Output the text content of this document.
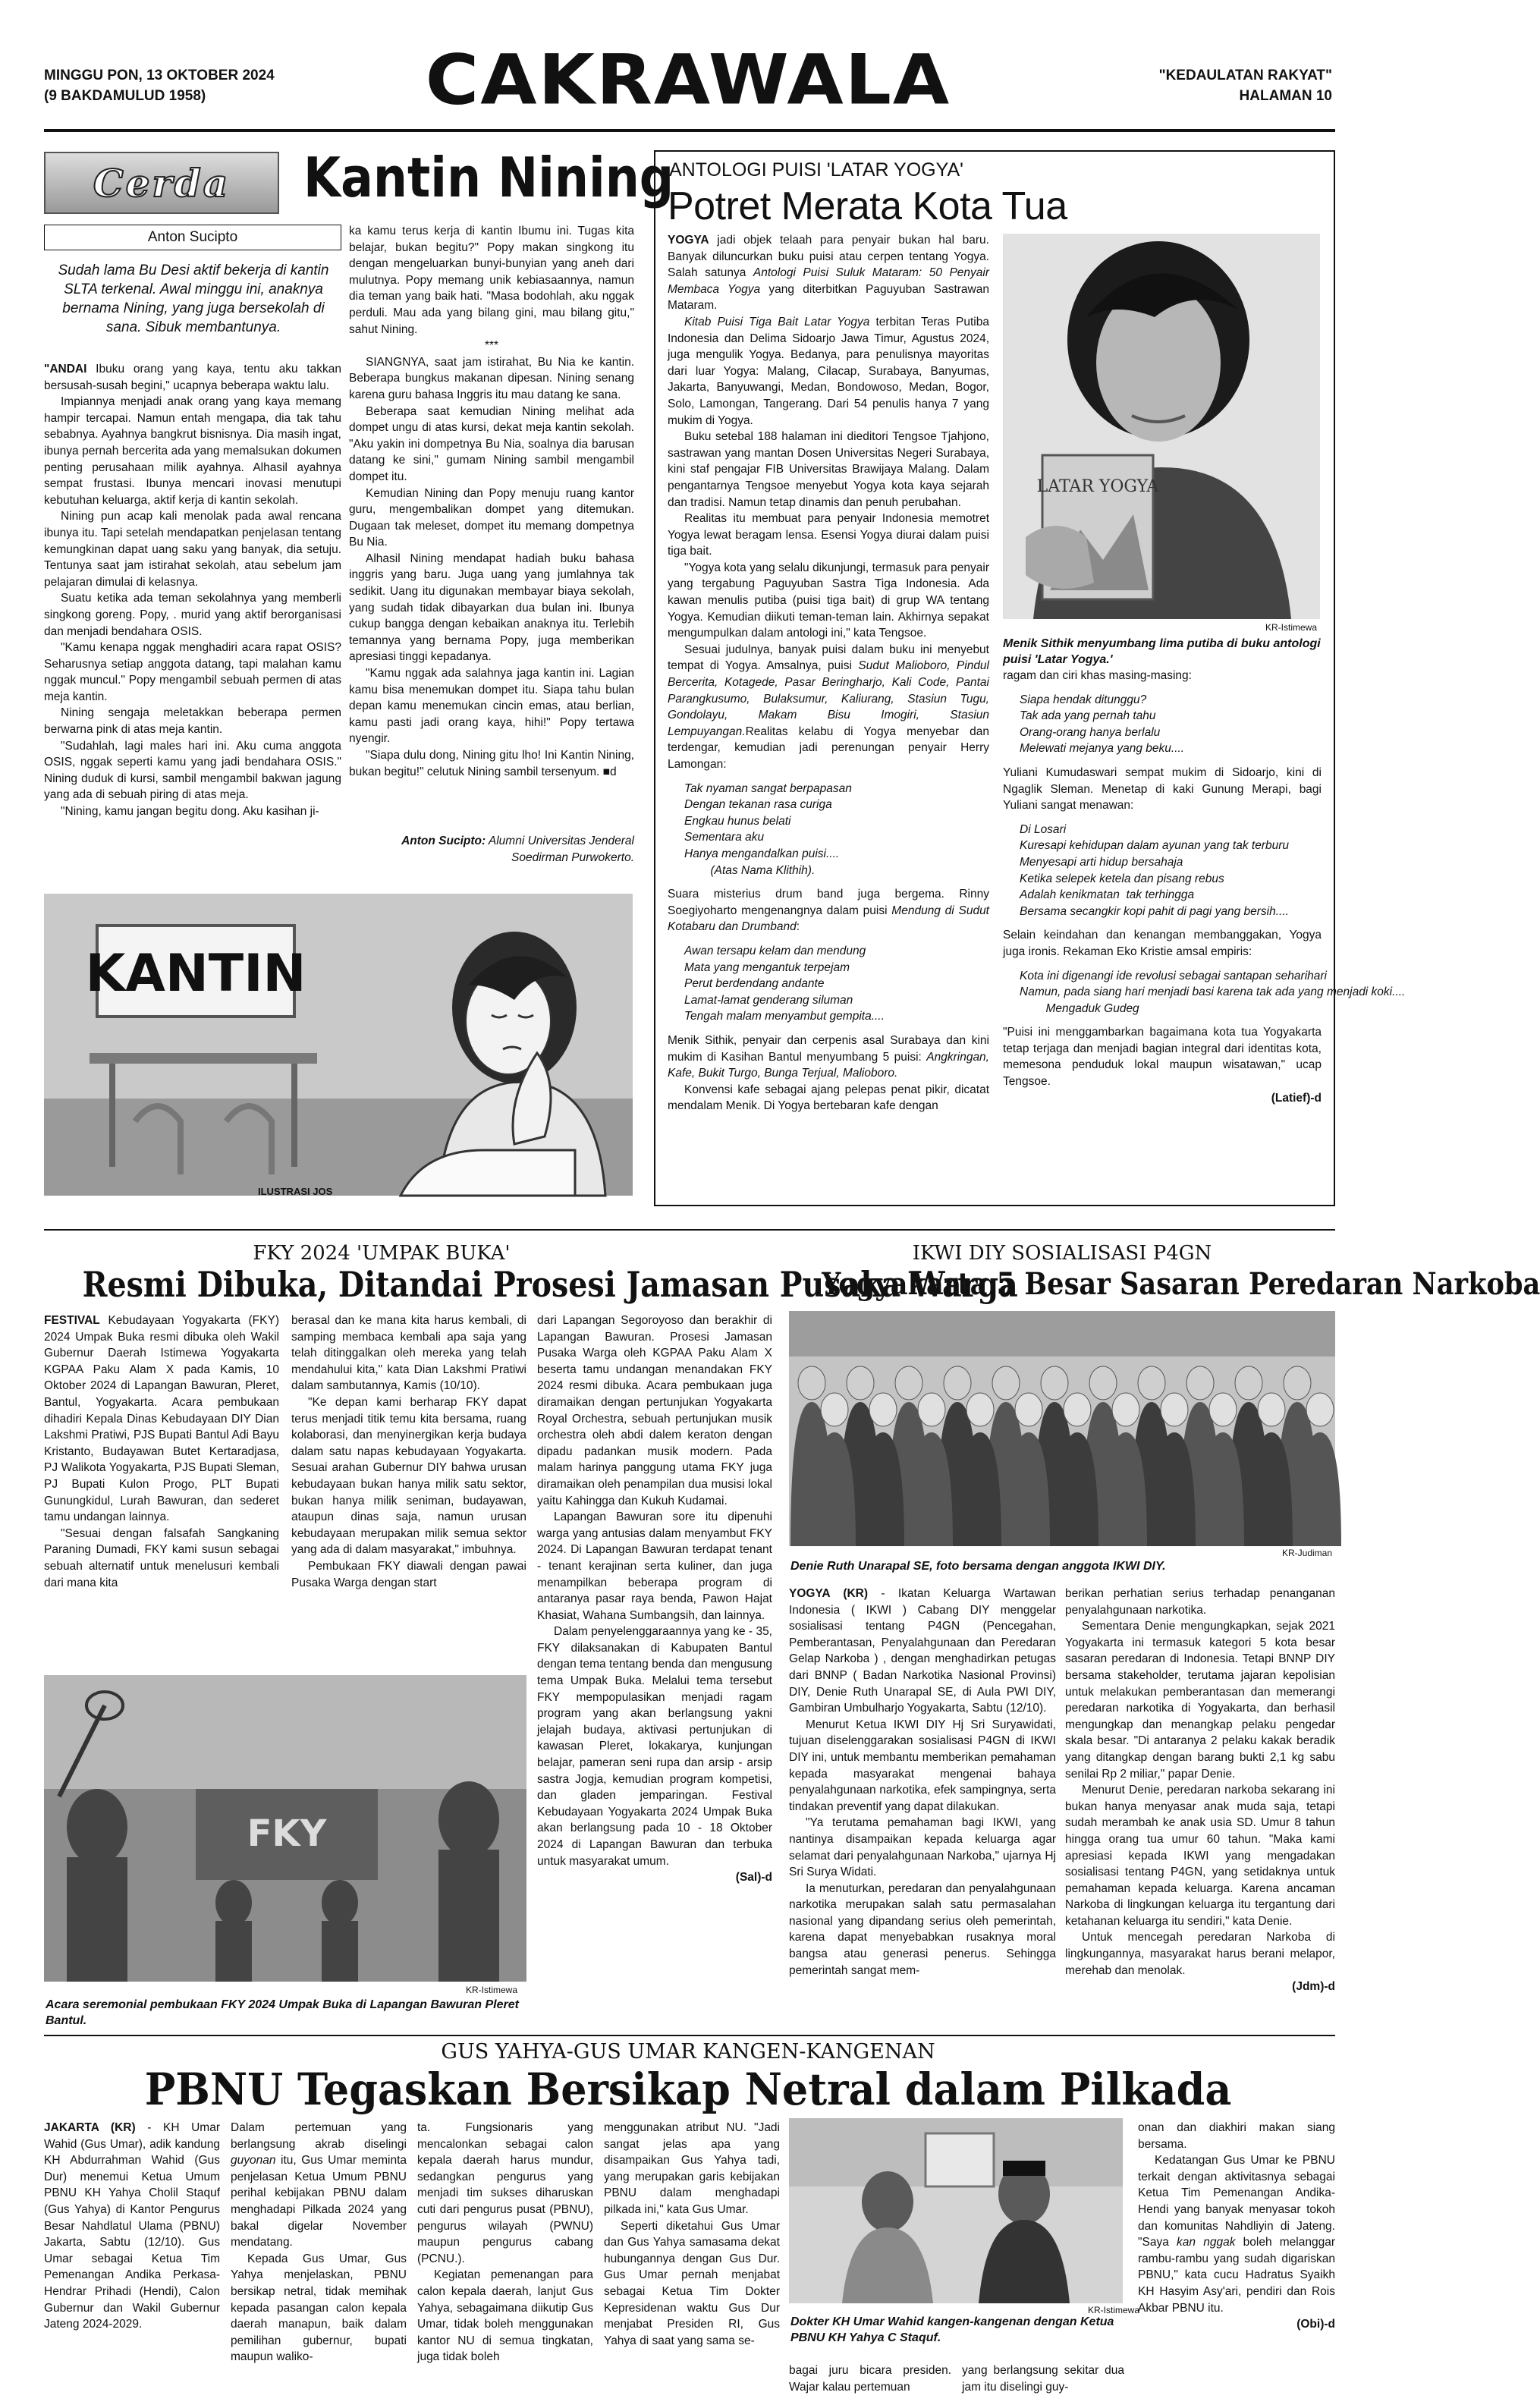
MINGGU PON, 13 OKTOBER 2024
(9 BAKDAMULUD 1958)	CAKRAWALA	"KEDAULATAN RAKYAT"
HALAMAN 10
Cerda Kantin Nining
Anton Sucipto
Sudah lama Bu Desi aktif bekerja di kantin SLTA terkenal. Awal minggu ini, anaknya bernama Nining, yang juga bersekolah di sana. Sibuk membantunya.
"ANDAI Ibuku orang yang kaya, tentu aku takkan bersusah-susah begini," ucapnya beberapa waktu lalu.
Impiannya menjadi anak orang yang kaya memang hampir tercapai. Namun entah mengapa, dia tak tahu sebabnya. Ayahnya bangkrut bisnisnya. Dia masih ingat, ibunya pernah bercerita ada yang memalsukan dokumen penting perusahaan milik ayahnya. Alhasil ayahnya sempat frustasi. Ibunya mencari inovasi menutupi kebutuhan keluarga, aktif kerja di kantin sekolah.
Nining pun acap kali menolak pada awal rencana ibunya itu. Tapi setelah mendapatkan penjelasan tentang kemungkinan dapat uang saku yang banyak, dia setuju. Tentunya saat jam istirahat sekolah, atau sebelum jam pelajaran dimulai di kelasnya.
Suatu ketika ada teman sekolahnya yang memberli singkong goreng. Popy, . murid yang aktif berorganisasi dan menjadi bendahara OSIS.
"Kamu kenapa nggak menghadiri acara rapat OSIS? Seharusnya setiap anggota datang, tapi malahan kamu nggak muncul." Popy mengambil sebuah permen di atas meja kantin.
Nining sengaja meletakkan beberapa permen berwarna pink di atas meja kantin.
"Sudahlah, lagi males hari ini. Aku cuma anggota OSIS, nggak seperti kamu yang jadi bendahara OSIS." Nining duduk di kursi, sambil mengambil bakwan jagung yang ada di sebuah piring di atas meja.
"Nining, kamu jangan begitu dong. Aku kasihan ji-
ka kamu terus kerja di kantin Ibumu ini. Tugas kita belajar, bukan begitu?" Popy makan singkong itu dengan mengeluarkan bunyi-bunyian yang aneh dari mulutnya. Popy memang unik kebiasaannya, namun dia teman yang baik hati. "Masa bodohlah, aku nggak perduli. Mau ada yang bilang gini, mau bilang gitu," sahut Nining.
***
SIANGNYA, saat jam istirahat, Bu Nia ke kantin. Beberapa bungkus makanan dipesan. Nining senang karena guru bahasa Inggris itu mau datang ke sana.
Beberapa saat kemudian Nining melihat ada dompet ungu di atas kursi, dekat meja kantin sekolah. "Aku yakin ini dompetnya Bu Nia, soalnya dia barusan datang ke sini," gumam Nining sambil mengambil dompet itu.
Kemudian Nining dan Popy menuju ruang kantor guru, mengembalikan dompet yang ditemukan. Dugaan tak meleset, dompet itu memang dompetnya Bu Nia.
Alhasil Nining mendapat hadiah buku bahasa inggris yang baru. Juga uang yang jumlahnya tak sedikit. Uang itu digunakan membayar biaya sekolah, yang sudah tidak dibayarkan dua bulan ini. Ibunya cukup bangga dengan kebaikan anaknya itu. Terlebih temannya yang bernama Popy, juga memberikan apresiasi tinggi kepadanya.
"Kamu nggak ada salahnya jaga kantin ini. Lagian kamu bisa menemukan dompet itu. Siapa tahu bulan depan kamu menemukan cincin emas, atau berlian, kamu pasti jadi orang kaya, hihi!" Popy tertawa nyengir.
"Siapa dulu dong, Nining gitu lho! Ini Kantin Nining, bukan begitu!" celutuk Nining sambil tersenyum. ■d
Anton Sucipto: Alumni Universitas Jenderal Soedirman Purwokerto.
KANTIN
ILUSTRASI JOS
ANTOLOGI PUISI 'LATAR YOGYA'
Potret Merata Kota Tua
YOGYA jadi objek telaah para penyair bukan hal baru. Banyak diluncurkan buku puisi atau cerpen tentang Yogya. Salah satunya Antologi Puisi Suluk Mataram: 50 Penyair Membaca Yogya yang diterbitkan Paguyuban Sastrawan Mataram.
Kitab Puisi Tiga Bait Latar Yogya terbitan Teras Putiba Indonesia dan Delima Sidoarjo Jawa Timur, Agustus 2024, juga mengulik Yogya. Bedanya, para penulisnya mayoritas dari luar Yogya: Malang, Cilacap, Surabaya, Banyumas, Jakarta, Banyuwangi, Medan, Bondowoso, Medan, Bogor, Solo, Lamongan, Tangerang. Dari 54 penulis hanya 7 yang mukim di Yogya.
Buku setebal 188 halaman ini dieditori Tengsoe Tjahjono, sastrawan yang mantan Dosen Universitas Negeri Surabaya, kini staf pengajar FIB Universitas Brawijaya Malang. Dalam pengantarnya Tengsoe menyebut Yogya kota kaya sejarah dan tradisi. Namun tetap dinamis dan penuh perubahan.
Realitas itu membuat para penyair Indonesia memotret Yogya lewat beragam lensa. Esensi Yogya diurai dalam puisi tiga bait.
"Yogya kota yang selalu dikunjungi, termasuk para penyair yang tergabung Paguyuban Sastra Tiga Indonesia. Ada kawan menulis putiba (puisi tiga bait) di grup WA tentang Yogya. Kemudian diikuti teman-teman lain. Akhirnya sepakat mengumpulkan dalam antologi ini," kata Tengsoe.
Sesuai judulnya, banyak puisi dalam buku ini menyebut tempat di Yogya. Amsalnya, puisi Sudut Malioboro, Pindul Bercerita, Kotagede, Pasar Beringharjo, Kali Code, Pantai Parangkusumo, Bulaksumur, Kaliurang, Stasiun Tugu, Gondolayu, Makam Bisu Imogiri, Stasiun Lempuyangan.Realitas kelabu di Yogya menyebar dan terdengar, kemudian jadi perenungan penyair Herry Lamongan:
Tak nyaman sangat berpapasan
Dengan tekanan rasa curiga
Engkau hunus belati
Sementara aku
Hanya mengandalkan puisi....
(Atas Nama Klithih).
Suara misterius drum band juga bergema. Rinny Soegiyoharto mengenangnya dalam puisi Mendung di Sudut Kotabaru dan Drumband:
Awan tersapu kelam dan mendung
Mata yang mengantuk terpejam
Perut berdendang andante
Lamat-lamat genderang siluman
Tengah malam menyambut gempita....
Menik Sithik, penyair dan cerpenis asal Surabaya dan kini mukim di Kasihan Bantul menyumbang 5 puisi: Angkringan, Kafe, Bukit Turgo, Bunga Terjual, Malioboro.
Konvensi kafe sebagai ajang pelepas penat pikir, dicatat mendalam Menik. Di Yogya bertebaran kafe dengan
LATAR YOGYA
KR-Istimewa
Menik Sithik menyumbang lima putiba di buku antologi puisi 'Latar Yogya.'
ragam dan ciri khas masing-masing:
Siapa hendak ditunggu?
Tak ada yang pernah tahu
Orang-orang hanya berlalu
Melewati mejanya yang beku....
Yuliani Kumudaswari sempat mukim di Sidoarjo, kini di Ngaglik Sleman. Menetap di kaki Gunung Merapi, bagi Yuliani sangat menawan:
Di Losari
Kuresapi kehidupan dalam ayunan yang tak terburu
Menyesapi arti hidup bersahaja
Ketika selepek ketela dan pisang rebus
Adalah kenikmatan  tak terhingga
Bersama secangkir kopi pahit di pagi yang bersih....
Selain keindahan dan kenangan membanggakan, Yogya juga ironis. Rekaman Eko Kristie amsal empiris:
Kota ini digenangi ide revolusi sebagai santapan seharihari
Namun, pada siang hari menjadi basi karena tak ada yang menjadi koki....
Mengaduk Gudeg
"Puisi ini menggambarkan bagaimana kota tua Yogyakarta tetap terjaga dan menjadi bagian integral dari identitas kota, memesona penduduk lokal maupun wisatawan," ucap Tengsoe.
(Latief)-d
FKY 2024 'UMPAK BUKA'
Resmi Dibuka, Ditandai Prosesi Jamasan Pusaka Warga
FESTIVAL Kebudayaan Yogyakarta (FKY) 2024 Umpak Buka resmi dibuka oleh Wakil Gubernur Daerah Istimewa Yogyakarta KGPAA Paku Alam X pada Kamis, 10 Oktober 2024 di Lapangan Bawuran, Pleret, Bantul, Yogyakarta. Acara pembukaan dihadiri Kepala Dinas Kebudayaan DIY Dian Lakshmi Pratiwi, PJS Bupati Bantul Adi Bayu Kristanto, Budayawan Butet Kertaradjasa, PJ Walikota Yogyakarta, PJS Bupati Sleman, PJ Bupati Kulon Progo, PLT Bupati Gunungkidul, Lurah Bawuran, dan sederet tamu undangan lainnya.
"Sesuai dengan falsafah Sangkaning Paraning Dumadi, FKY kami susun sebagai sebuah alternatif untuk menelusuri kembali dari mana kita
berasal dan ke mana kita harus kembali, di samping membaca kembali apa saja yang telah ditinggalkan oleh mereka yang telah mendahului kita," kata Dian Lakshmi Pratiwi dalam sambutannya, Kamis (10/10).
"Ke depan kami berharap FKY dapat terus menjadi titik temu kita bersama, ruang kolaborasi, dan menyinergikan kerja budaya dalam satu napas kebudayaan Yogyakarta. Sesuai arahan Gubernur DIY bahwa urusan kebudayaan bukan hanya milik satu sektor, bukan hanya milik seniman, budayawan, ataupun dinas saja, namun urusan kebudayaan merupakan milik semua sektor yang ada di dalam masyarakat," imbuhnya.
Pembukaan FKY diawali dengan pawai Pusaka Warga dengan start
dari Lapangan Segoroyoso dan berakhir di Lapangan Bawuran. Prosesi Jamasan Pusaka Warga oleh KGPAA Paku Alam X beserta tamu undangan menandakan FKY 2024 resmi dibuka. Acara pembukaan juga diramaikan dengan pertunjukan Yogyakarta Royal Orchestra, sebuah pertunjukan musik orchestra oleh abdi dalem keraton dengan dipadu padankan musik modern. Pada malam harinya panggung utama FKY juga diramaikan oleh penampilan dua musisi lokal yaitu Kahingga dan Kukuh Kudamai.
Lapangan Bawuran sore itu dipenuhi warga yang antusias dalam menyambut FKY 2024. Di Lapangan Bawuran terdapat tenant - tenant kerajinan serta kuliner, dan juga menampilkan beberapa program di antaranya pasar raya benda, Pawon Hajat Khasiat, Wahana Sumbangsih, dan lainnya.
Dalam penyelenggaraannya yang ke - 35, FKY dilaksanakan di Kabupaten Bantul dengan tema tentang benda dan mengusung tema Umpak Buka. Melalui tema tersebut FKY mempopulasikan menjadi ragam program yang akan berlangsung yakni jelajah budaya, aktivasi pertunjukan di kawasan Pleret, lokakarya, kunjungan belajar, pameran seni rupa dan arsip - arsip sastra Jogja, kemudian program kompetisi, dan gladen jemparingan. Festival Kebudayaan Yogyakarta 2024 Umpak Buka akan berlangsung pada 10 - 18 Oktober 2024 di Lapangan Bawuran dan terbuka untuk masyarakat umum.
(Sal)-d
FKY
KR-Istimewa
Acara seremonial pembukaan FKY 2024 Umpak Buka di Lapangan Bawuran Pleret Bantul.
IKWI DIY SOSIALISASI P4GN
Yogyakarta 5 Besar Sasaran Peredaran Narkoba
KR-Judiman
Denie Ruth Unarapal SE, foto bersama dengan anggota IKWI DIY.
YOGYA (KR) - Ikatan Keluarga Wartawan Indonesia ( IKWI ) Cabang DIY menggelar sosialisasi tentang P4GN (Pencegahan, Pemberantasan, Penyalahgunaan dan Peredaran Gelap Narkoba ) , dengan menghadirkan petugas dari BNNP ( Badan Narkotika Nasional Provinsi) DIY, Denie Ruth Unarapal SE, di Aula PWI DIY, Gambiran Umbulharjo Yogyakarta, Sabtu (12/10).
Menurut Ketua IKWI DIY Hj Sri Suryawidati, tujuan diselenggarakan sosialisasi P4GN di IKWI DIY ini, untuk membantu memberikan pemahaman kepada masyarakat mengenai bahaya penyalahgunaan narkotika, efek sampingnya, serta tindakan preventif yang dapat dilakukan.
"Ya terutama pemahaman bagi IKWI, yang nantinya disampaikan kepada keluarga agar selamat dari penyalahgunaan Narkoba," ujarnya Hj Sri Surya Widati.
Ia menuturkan, peredaran dan penyalahgunaan narkotika merupakan salah satu permasalahan nasional yang dipandang serius oleh pemerintah, karena dapat menyebabkan rusaknya moral bangsa atau generasi penerus. Sehingga pemerintah sangat mem-
berikan perhatian serius terhadap penanganan penyalahgunaan narkotika.
Sementara Denie mengungkapkan, sejak 2021 Yogyakarta ini termasuk kategori 5 kota besar sasaran peredaran di Indonesia. Tetapi BNNP DIY bersama stakeholder, terutama jajaran kepolisian untuk melakukan pemberantasan dan memerangi peredaran narkotika di Yogyakarta, dan berhasil mengungkap dan menangkap pelaku pengedar skala besar. "Di antaranya 2 pelaku kakak beradik yang ditangkap dengan barang bukti 2,1 kg sabu senilai Rp 2 miliar," papar Denie.
Menurut Denie, peredaran narkoba sekarang ini bukan hanya menyasar anak muda saja, tetapi sudah merambah ke anak usia SD. Umur 8 tahun hingga orang tua umur 60 tahun. "Maka kami apresiasi kepada IKWI yang mengadakan sosialisasi tentang P4GN, yang setidaknya untuk pemahaman kepada keluarga. Karena ancaman Narkoba di lingkungan keluarga itu tergantung dari ketahanan keluarga itu sendiri," kata Denie.
Untuk mencegah peredaran Narkoba di lingkungannya, masyarakat harus berani melapor, merehab dan menolak.
(Jdm)-d
GUS YAHYA-GUS UMAR KANGEN-KANGENAN
PBNU Tegaskan Bersikap Netral dalam Pilkada
JAKARTA (KR) - KH Umar Wahid (Gus Umar), adik kandung KH Abdurrahman Wahid (Gus Dur) menemui Ketua Umum PBNU KH Yahya Cholil Staquf (Gus Yahya) di Kantor Pengurus Besar Nahdlatul Ulama (PBNU) Jakarta, Sabtu (12/10). Gus Umar sebagai Ketua Tim Pemenangan Andika Perkasa-Hendrar Prihadi (Hendi), Calon Gubernur dan Wakil Gubernur Jateng 2024-2029.
Dalam pertemuan yang berlangsung akrab diselingi guyonan itu, Gus Umar meminta penjelasan Ketua Umum PBNU perihal kebijakan PBNU dalam menghadapi Pilkada 2024 yang bakal digelar November mendatang.
Kepada Gus Umar, Gus Yahya menjelaskan, PBNU bersikap netral, tidak memihak kepada pasangan calon kepala daerah manapun, baik dalam pemilihan gubernur, bupati maupun waliko-
ta. Fungsionaris yang mencalonkan sebagai calon kepala daerah harus mundur, sedangkan pengurus yang menjadi tim sukses diharuskan cuti dari pengurus pusat (PBNU), pengurus wilayah (PWNU) maupun pengurus cabang (PCNU.).
Kegiatan pemenangan para calon kepala daerah, lanjut Gus Yahya, sebagaimana diikutip Gus Umar, tidak boleh menggunakan kantor NU di semua tingkatan, juga tidak boleh
menggunakan atribut NU. "Jadi sangat jelas apa yang disampaikan Gus Yahya tadi, yang merupakan garis kebijakan PBNU dalam menghadapi pilkada ini," kata Gus Umar.
Seperti diketahui Gus Umar dan Gus Yahya samasama dekat hubungannya dengan Gus Dur. Gus Umar pernah menjabat sebagai Ketua Tim Dokter Kepresidenan waktu Gus Dur menjabat Presiden RI, Gus Yahya di saat yang sama se-
KR-Istimewa
Dokter KH Umar Wahid kangen-kangenan dengan Ketua PBNU KH Yahya C Staquf.
bagai juru bicara presiden. Wajar kalau pertemuan
yang berlangsung sekitar dua jam itu diselingi guy-
onan dan diakhiri makan siang bersama.
Kedatangan Gus Umar ke PBNU terkait dengan aktivitasnya sebagai Ketua Tim Pemenangan Andika-Hendi yang banyak menyasar tokoh dan komunitas Nahdliyin di Jateng. "Saya kan nggak boleh melanggar rambu-rambu yang sudah digariskan PBNU," kata cucu Hadratus Syaikh KH Hasyim Asy'ari, pendiri dan Rois Akbar PBNU itu.
(Obi)-d
